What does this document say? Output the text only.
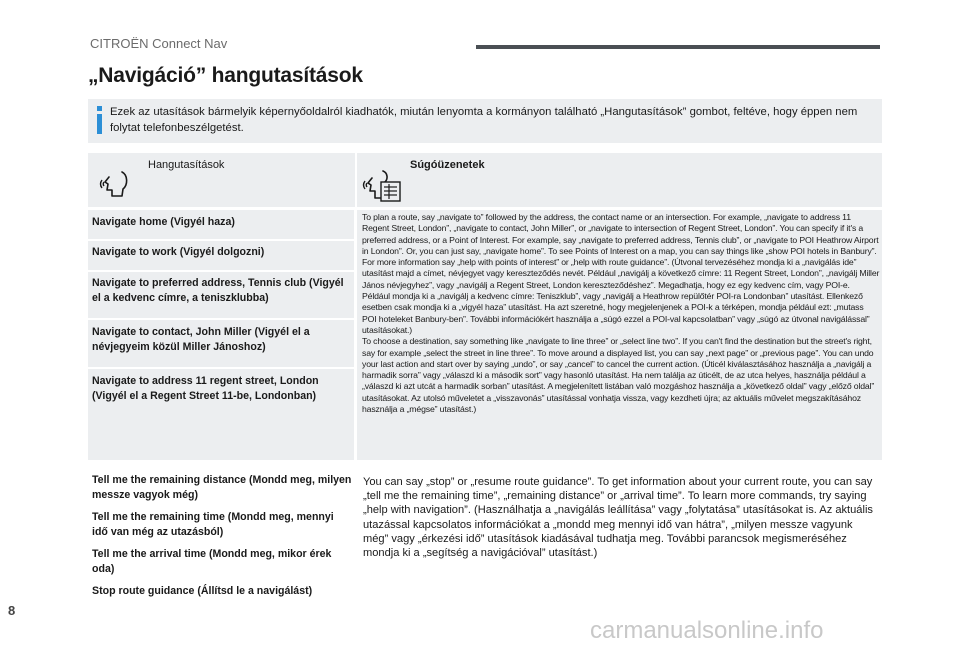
CITROËN Connect Nav
„Navigáció” hangutasítások
Ezek az utasítások bármelyik képernyőoldalról kiadhatók, miután lenyomta a kormányon található „Hangutasítások” gombot, feltéve, hogy éppen nem folytat telefonbeszélgetést.
Hangutasítások	Súgóüzenetek
Navigate home (Vigyél haza)
Navigate to work (Vigyél dolgozni)
Navigate to preferred address, Tennis club (Vigyél el a kedvenc címre, a teniszklubba)
Navigate to contact, John Miller (Vigyél el a névjegyeim közül Miller Jánoshoz)
Navigate to address 11 regent street, London (Vigyél el a Regent Street 11-be, Londonban)

To plan a route, say „navigate to” followed by the address, the contact name or an intersection. For example, „navigate to address 11 Regent Street, London”, „navigate to contact, John Miller”, or „navigate to intersection of Regent Street, London”. You can specify if it's a preferred address, or a Point of Interest. For example, say „navigate to preferred address, Tennis club”, or „navigate to POI Heathrow Airport in London”. Or, you can just say, „navigate home”. To see Points of Interest on a map, you can say things like „show POI hotels in Banbury”. For more information say „help with points of interest” or „help with route guidance”. (Útvonal tervezéséhez mondja ki a „navigálás ide” utasítást majd a címet, névjegyet vagy kereszteződés nevét. Például „navigálj a következő címre: 11 Regent Street, London”, „navigálj Miller János névjegyhez”, vagy „navigálj a Regent Street, London kereszteződéshez”. Megadhatja, hogy ez egy kedvenc cím, vagy POI-e. Például mondja ki a „navigálj a kedvenc címre: Teniszklub”, vagy „navigálj a Heathrow repülőtér POI-ra Londonban” utasítást. Ellenkező esetben csak mondja ki a „vigyél haza” utasítást. Ha azt szeretné, hogy megjelenjenek a POI-k a térképen, mondja például ezt: „mutass POI hoteleket Banbury-ben”. További információkért használja a „súgó ezzel a POI-val kapcsolatban” vagy „súgó az útvonal navigálással” utasításokat.)

To choose a destination, say something like „navigate to line three” or „select line two”. If you can't find the destination but the street's right, say for example „select the street in line three”. To move around a displayed list, you can say „next page” or „previous page”. You can undo your last action and start over by saying „undo”, or say „cancel” to cancel the current action. (Úticél kiválasztásához használja a „navigálj a harmadik sorra” vagy „válaszd ki a második sort” vagy hasonló utasítást. Ha nem találja az úticélt, de az utca helyes, használja például a „válaszd ki azt utcát a harmadik sorban” utasítást. A megjelenített listában való mozgáshoz használja a „következő oldal” vagy „előző oldal” utasításokat. Az utolsó műveletet a „visszavonás” utasítással vonhatja vissza, vagy kezdheti újra; az aktuális művelet megszakításához használja a „mégse” utasítást.)

Tell me the remaining distance (Mondd meg, milyen messze vagyok még)
Tell me the remaining time (Mondd meg, mennyi idő van még az utazásból)
Tell me the arrival time (Mondd meg, mikor érek oda)
Stop route guidance (Állítsd le a navigálást)
You can say „stop” or „resume route guidance”. To get information about your current route, you can say „tell me the remaining time”, „remaining distance” or „arrival time”. To learn more commands, try saying „help with navigation”. (Használhatja a „navigálás leállítása” vagy „folytatása” utasításokat is. Az aktuális utazással kapcsolatos információkat a „mondd meg mennyi idő van hátra”, „milyen messze vagyunk még” vagy „érkezési idő” utasítások kiadásával tudhatja meg. További parancsok megismeréséhez mondja ki a „segítség a navigációval” utasítást.)
8
carmanualsonline.info
